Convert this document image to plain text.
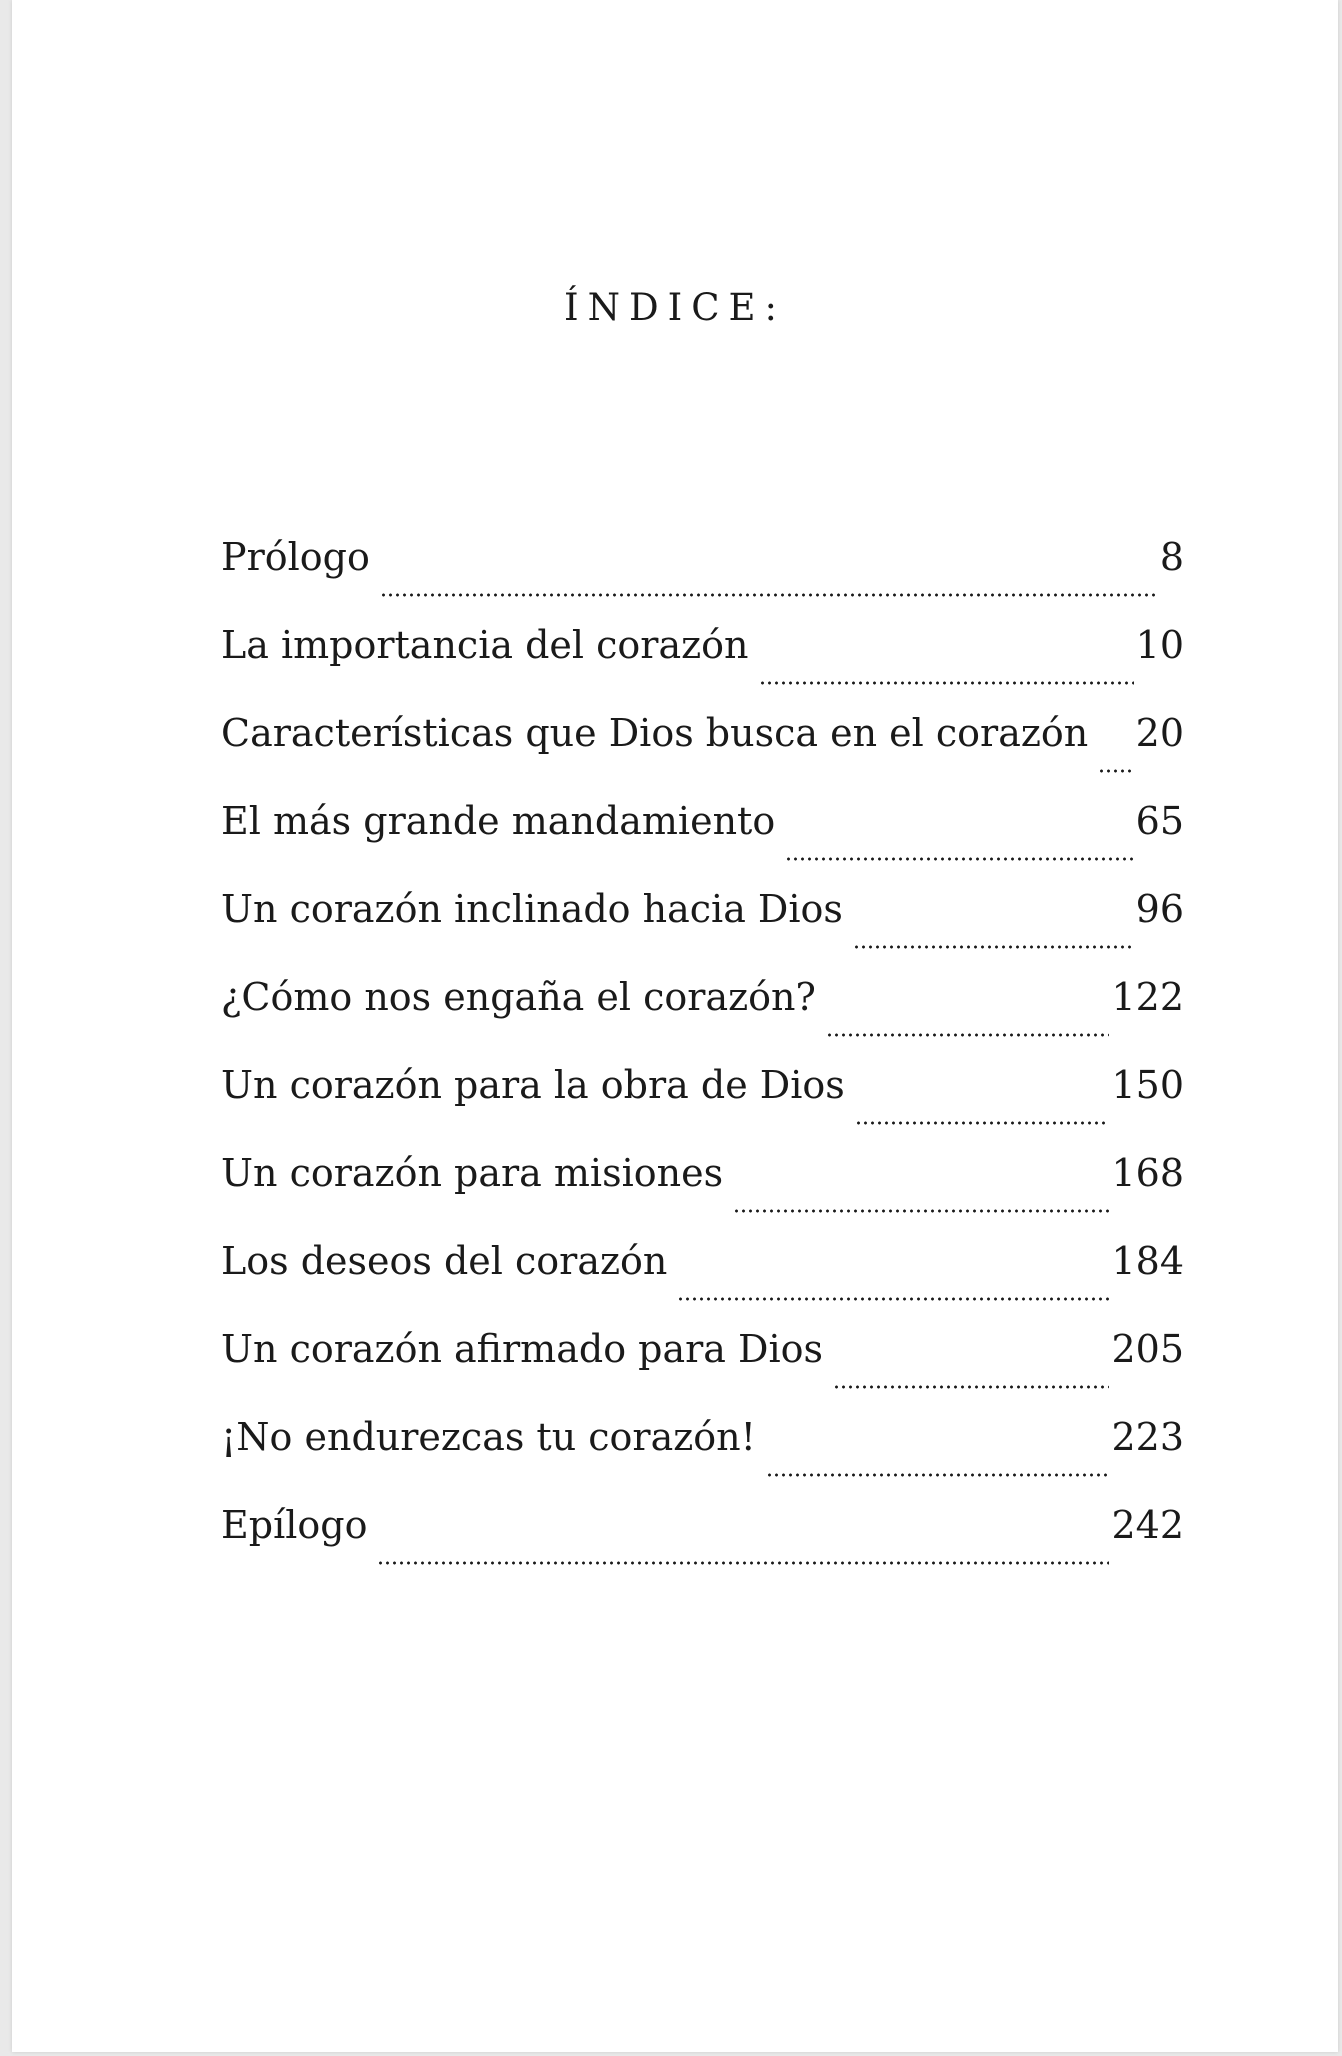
ÍNDICE:
Prólogo	8
La importancia del corazón	10
Características que Dios busca en el corazón 20
El más grande mandamiento	65
Un corazón inclinado hacia Dios	96
¿Cómo nos engaña el corazón?	122
Un corazón para la obra de Dios	150
Un corazón para misiones	168
Los deseos del corazón	184
Un corazón afirmado para Dios	205
¡No endurezcas tu corazón!	223
Epílogo	242
